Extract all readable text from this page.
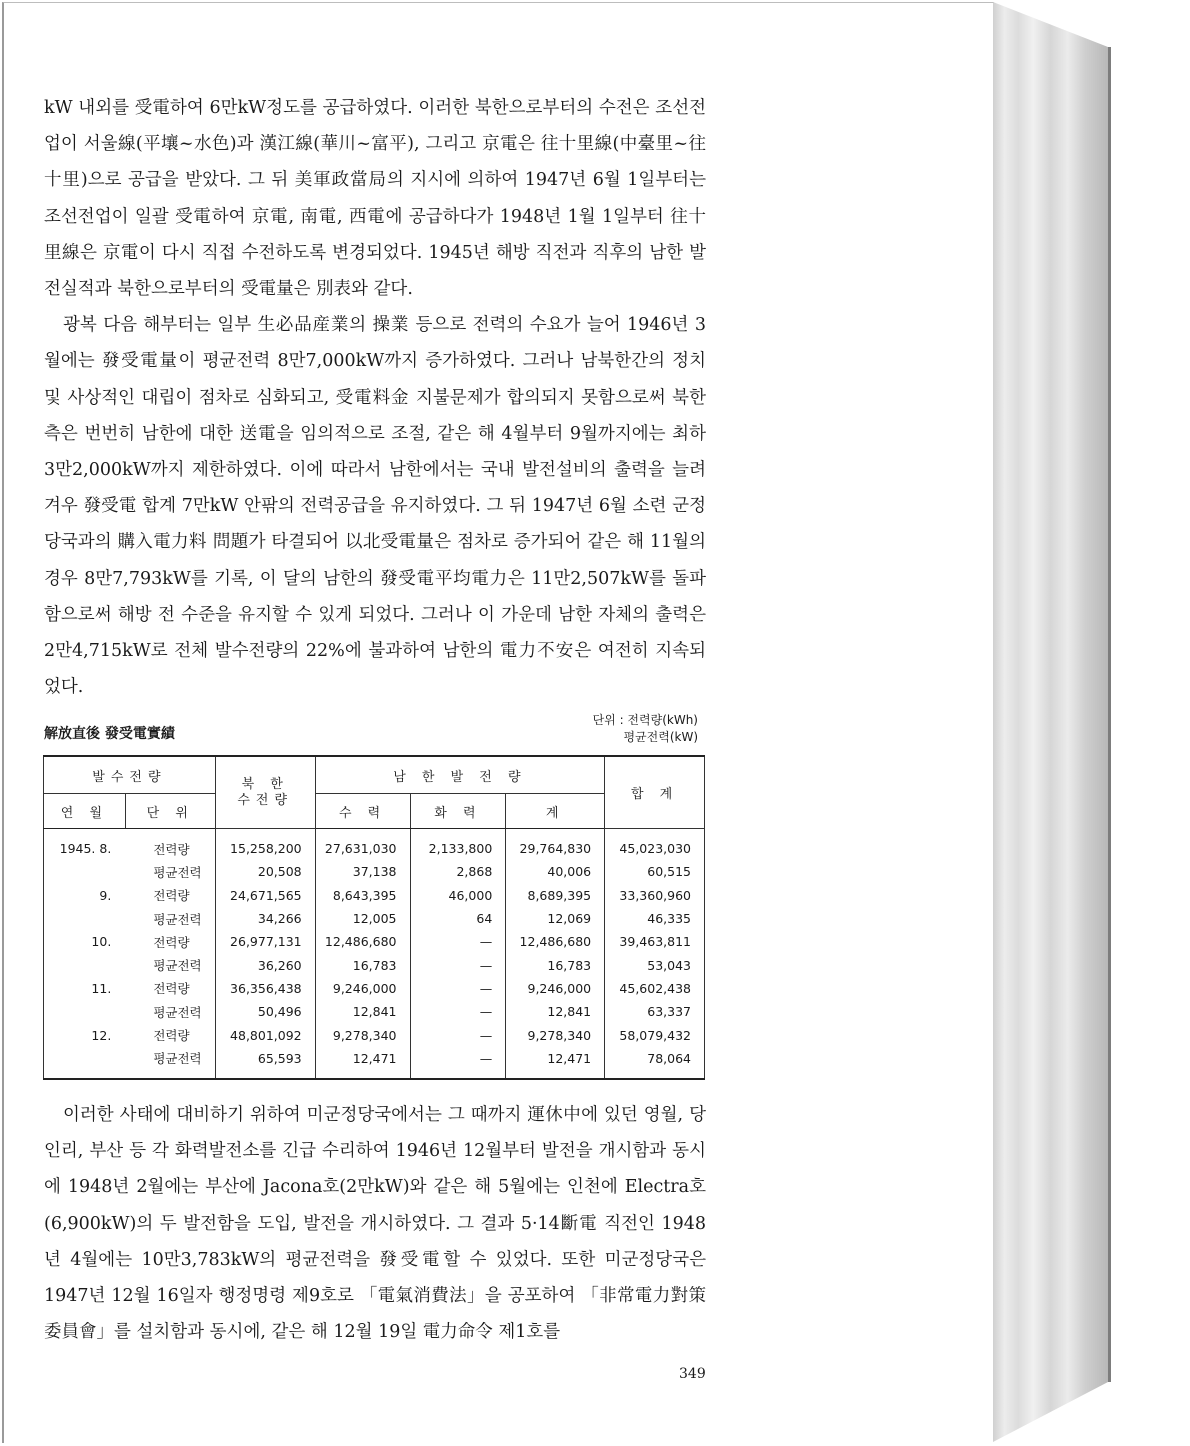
kW 내외를 受電하여 6만kW정도를 공급하였다. 이러한 북한으로부터의 수전은 조선전업이 서울線(平壤~水色)과 漢江線(華川~富平), 그리고 京電은 往十里線(中臺里~往十里)으로 공급을 받았다. 그 뒤 美軍政當局의 지시에 의하여 1947년 6월 1일부터는 조선전업이 일괄 受電하여 京電, 南電, 西電에 공급하다가 1948년 1월 1일부터 往十里線은 京電이 다시 직접 수전하도록 변경되었다. 1945년 해방 직전과 직후의 남한 발전실적과 북한으로부터의 受電量은 別表와 같다.

광복 다음 해부터는 일부 生必品産業의 操業 등으로 전력의 수요가 늘어 1946년 3월에는 發受電量이 평균전력 8만7,000kW까지 증가하였다. 그러나 남북한간의 정치 및 사상적인 대립이 점차로 심화되고, 受電料金 지불문제가 합의되지 못함으로써 북한측은 번번히 남한에 대한 送電을 임의적으로 조절, 같은 해 4월부터 9월까지에는 최하 3만2,000kW까지 제한하였다. 이에 따라서 남한에서는 국내 발전설비의 출력을 늘려 겨우 發受電 합계 7만kW 안팎의 전력공급을 유지하였다. 그 뒤 1947년 6월 소련 군정당국과의 購入電力料 問題가 타결되어 以北受電量은 점차로 증가되어 같은 해 11월의 경우 8만7,793kW를 기록, 이 달의 남한의 發受電平均電力은 11만2,507kW를 돌파함으로써 해방 전 수준을 유지할 수 있게 되었다. 그러나 이 가운데 남한 자체의 출력은 2만4,715kW로 전체 발수전량의 22%에 불과하여 남한의 電力不安은 여전히 지속되었다.

解放直後 發受電實績
단위 : 전력량(kWh)
평균전력(kW)
발수전량		북 한 수전량	남 한 발 전 량			합 계
연 월	단 위		수 력	화 력	계	
1945. 8.	전력량	15,258,200	27,631,030	2,133,800	29,764,830	45,023,030
	평균전력	20,508	37,138	2,868	40,006	60,515
9.	전력량	24,671,565	8,643,395	46,000	8,689,395	33,360,960
	평균전력	34,266	12,005	64	12,069	46,335
10.	전력량	26,977,131	12,486,680	—	12,486,680	39,463,811
	평균전력	36,260	16,783	—	16,783	53,043
11.	전력량	36,356,438	9,246,000	—	9,246,000	45,602,438
	평균전력	50,496	12,841	—	12,841	63,337
12.	전력량	48,801,092	9,278,340	—	9,278,340	58,079,432
	평균전력	65,593	12,471	—	12,471	78,064

이러한 사태에 대비하기 위하여 미군정당국에서는 그 때까지 運休中에 있던 영월, 당인리, 부산 등 각 화력발전소를 긴급 수리하여 1946년 12월부터 발전을 개시함과 동시에 1948년 2월에는 부산에 Jacona호(2만kW)와 같은 해 5월에는 인천에 Electra호(6,900kW)의 두 발전함을 도입, 발전을 개시하였다. 그 결과 5·14斷電 직전인 1948년 4월에는 10만3,783kW의 평균전력을 發受電할 수 있었다. 또한 미군정당국은 1947년 12월 16일자 행정명령 제9호로 「電氣消費法」을 공포하여 「非常電力對策委員會」를 설치함과 동시에, 같은 해 12월 19일 電力命令 제1호를

349
